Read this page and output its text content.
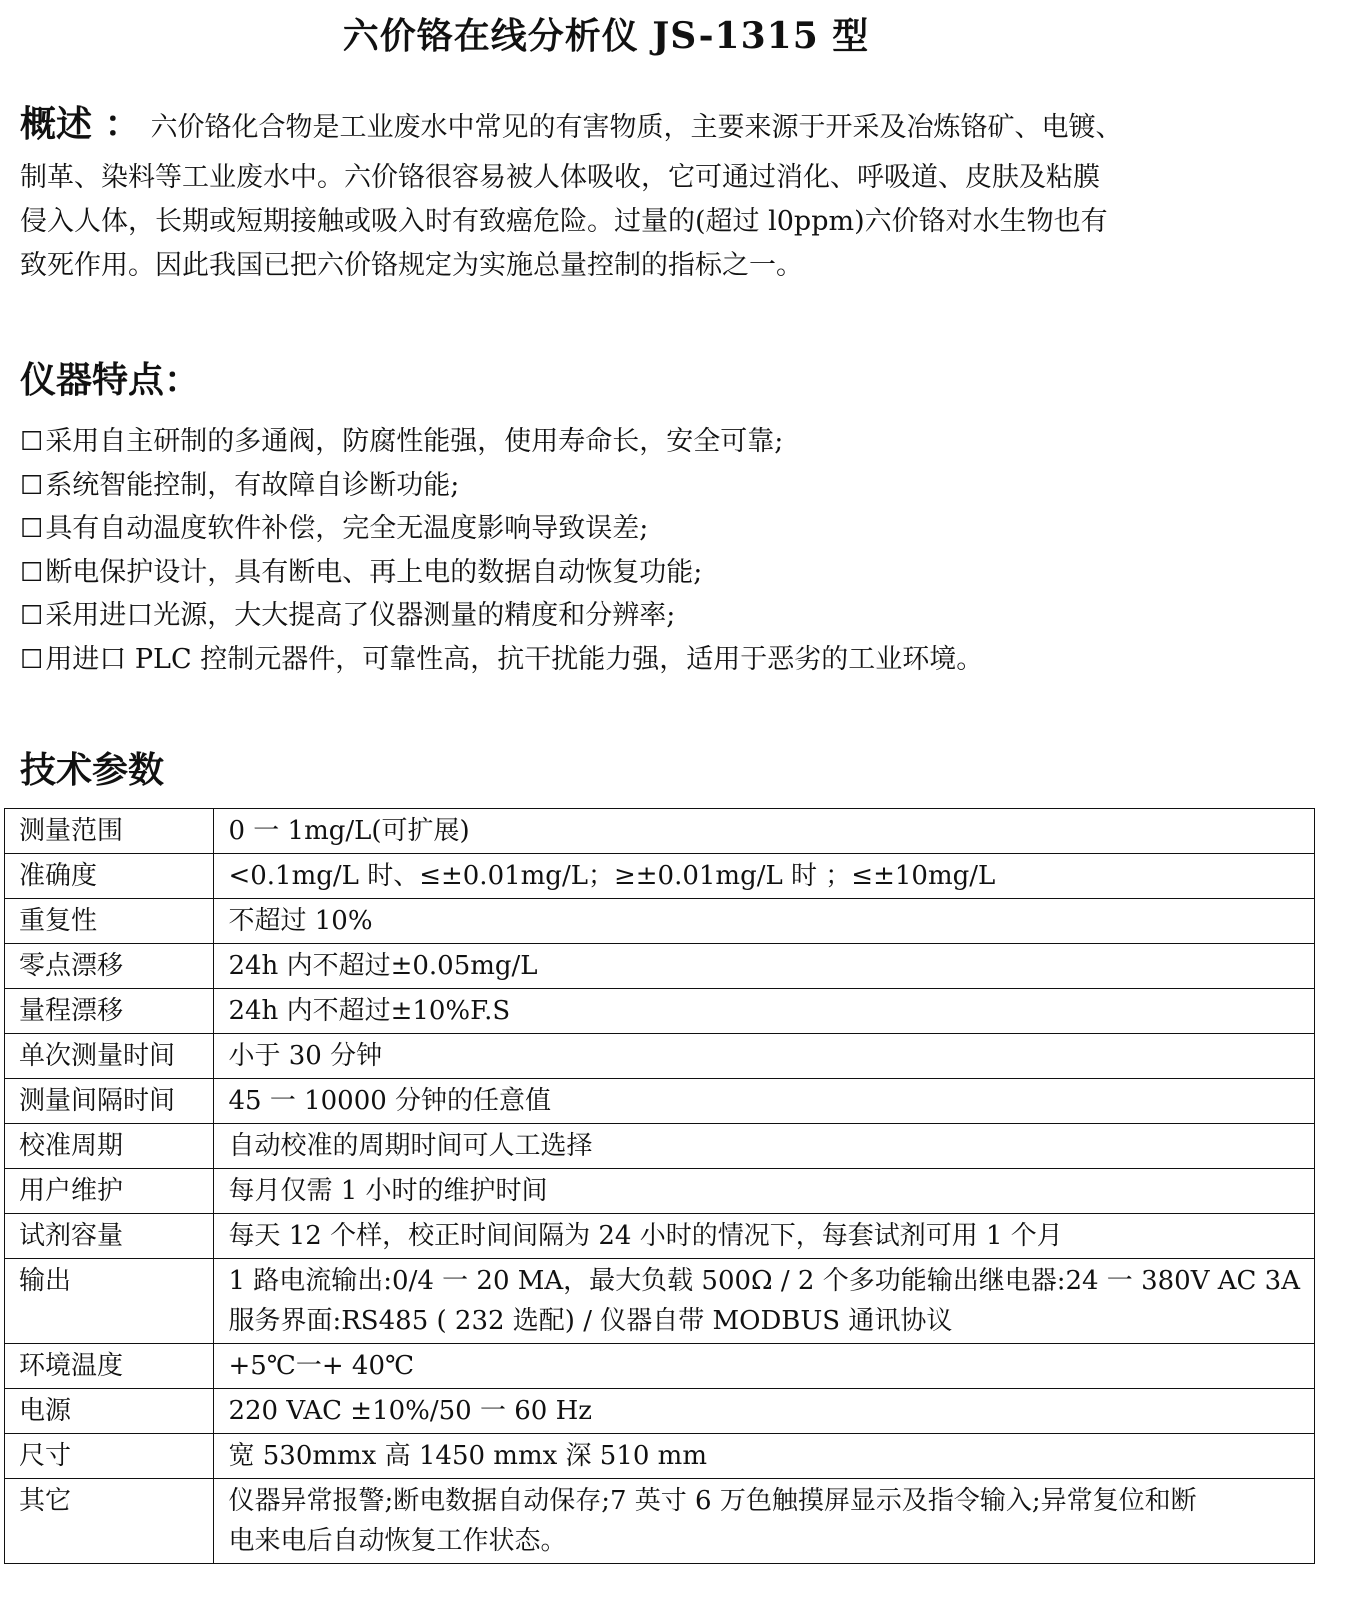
六价铬在线分析仪 JS-1315 型
概述 ： 六价铬化合物是工业废水中常见的有害物质，主要来源于开采及冶炼铬矿、电镀、
制革、染料等工业废水中。六价铬很容易被人体吸收，它可通过消化、呼吸道、皮肤及粘膜
侵入人体，长期或短期接触或吸入时有致癌危险。过量的(超过 l0ppm)六价铬对水生物也有
致死作用。因此我国已把六价铬规定为实施总量控制的指标之一。
仪器特点：
☐采用自主研制的多通阀，防腐性能强，使用寿命长，安全可靠;
☐系统智能控制，有故障自诊断功能;
☐具有自动温度软件补偿，完全无温度影响导致误差;
☐断电保护设计，具有断电、再上电的数据自动恢复功能;
☐采用进口光源，大大提高了仪器测量的精度和分辨率;
☐用进口 PLC 控制元器件，可靠性高，抗干扰能力强，适用于恶劣的工业环境。
技术参数
测量范围	0 一 1mg/L(可扩展)

准确度	<0.1mg/L 时、≤±0.01mg/L；≥±0.01mg/L 时 ；≤±10mg/L

重复性	不超过 10%

零点漂移	24h 内不超过±0.05mg/L

量程漂移	24h 内不超过±10%F.S

单次测量时间	小于 30 分钟

测量间隔时间	45 一 10000 分钟的任意值

校准周期	自动校准的周期时间可人工选择

用户维护	每月仅需 1 小时的维护时间

试剂容量	每天 12 个样，校正时间间隔为 24 小时的情况下，每套试剂可用 1 个月

输出	1 路电流输出:0/4 一 20 MA，最大负载 500Ω / 2 个多功能输出继电器:24 一 380V AC 3A
服务界面:RS485 ( 232 选配) / 仪器自带 MODBUS 通讯协议

环境温度	+5℃一+ 40℃

电源	220 VAC ±10%/50 一 60 Hz

尺寸	宽 530mmx 高 1450 mmx 深 510 mm

其它	仪器异常报警;断电数据自动保存;7 英寸 6 万色触摸屏显示及指令输入;异常复位和断
电来电后自动恢复工作状态。
